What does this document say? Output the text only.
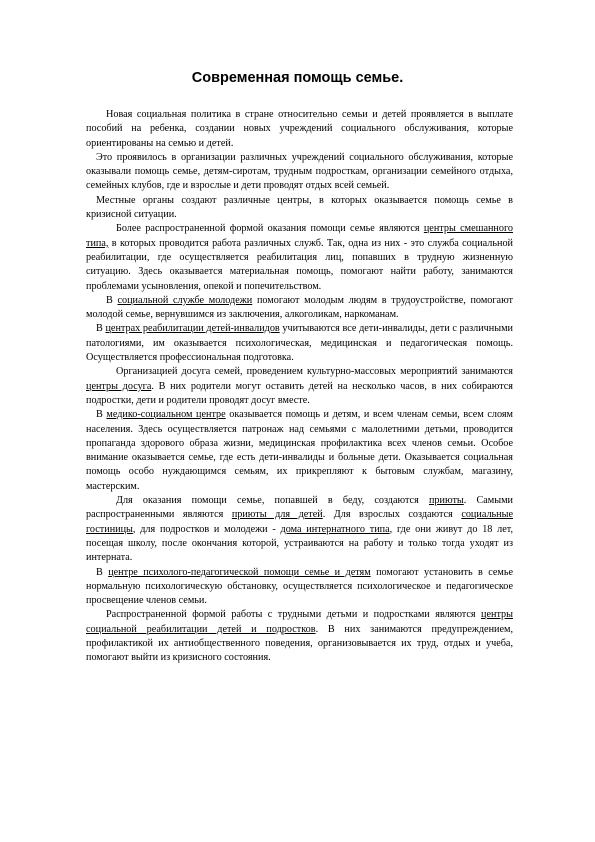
Современная помощь семье.

Новая социальная политика в стране относительно семьи и детей проявляется в выплате пособий на ребенка, создании новых учреждений социального обслуживания, которые ориентированы на семью и детей.

Это проявилось в организации различных учреждений социального обслуживания, которые оказывали помощь семье, детям-сиротам, трудным подросткам, организации семейного отдыха, семейных клубов, где и взрослые и дети проводят отдых всей семьей.

Местные органы создают различные центры, в которых оказывается помощь семье в кризисной ситуации.

Более распространенной формой оказания помощи семье являются центры смешанного типа, в которых проводится работа различных служб. Так, одна из них - это служба социальной реабилитации, где осуществляется реабилитация лиц, попавших в трудную жизненную ситуацию. Здесь оказывается материальная помощь, помогают найти работу, занимаются проблемами усыновления, опекой и попечительством.

В социальной службе молодежи помогают молодым людям в трудоустройстве, помогают молодой семье, вернувшимся из заключения, алкоголикам, наркоманам.

В центрах реабилитации детей-инвалидов учитываются все дети-инвалиды, дети с различными патологиями, им оказывается психологическая, медицинская и педагогическая помощь. Осуществляется профессиональная подготовка.

Организацией досуга семей, проведением культурно-массовых мероприятий занимаются центры досуга. В них родители могут оставить детей на несколько часов, в них собираются подростки, дети и родители проводят досуг вместе.

В медико-социальном центре оказывается помощь и детям, и всем членам семьи, всем слоям населения. Здесь осуществляется патронаж над семьями с малолетними детьми, проводится пропаганда здорового образа жизни, медицинская профилактика всех членов семьи. Особое внимание оказывается семье, где есть дети-инвалиды и больные дети. Оказывается социальная помощь особо нуждающимся семьям, их прикрепляют к бытовым службам, магазину, мастерским.

Для оказания помощи семье, попавшей в беду, создаются приюты. Самыми распространенными являются приюты для детей. Для взрослых создаются социальные гостиницы, для подростков и молодежи - дома интернатного типа, где они живут до 18 лет, посещая школу, после окончания которой, устраиваются на работу и только тогда уходят из интерната.

В центре психолого-педагогической помощи семье и детям помогают установить в семье нормальную психологическую обстановку, осуществляется психологическое и педагогическое просвещение членов семьи.

Распространенной формой работы с трудными детьми и подростками являются центры социальной реабилитации детей и подростков. В них занимаются предупреждением, профилактикой их антиобщественного поведения, организовывается их труд, отдых и учеба, помогают выйти из кризисного состояния.
